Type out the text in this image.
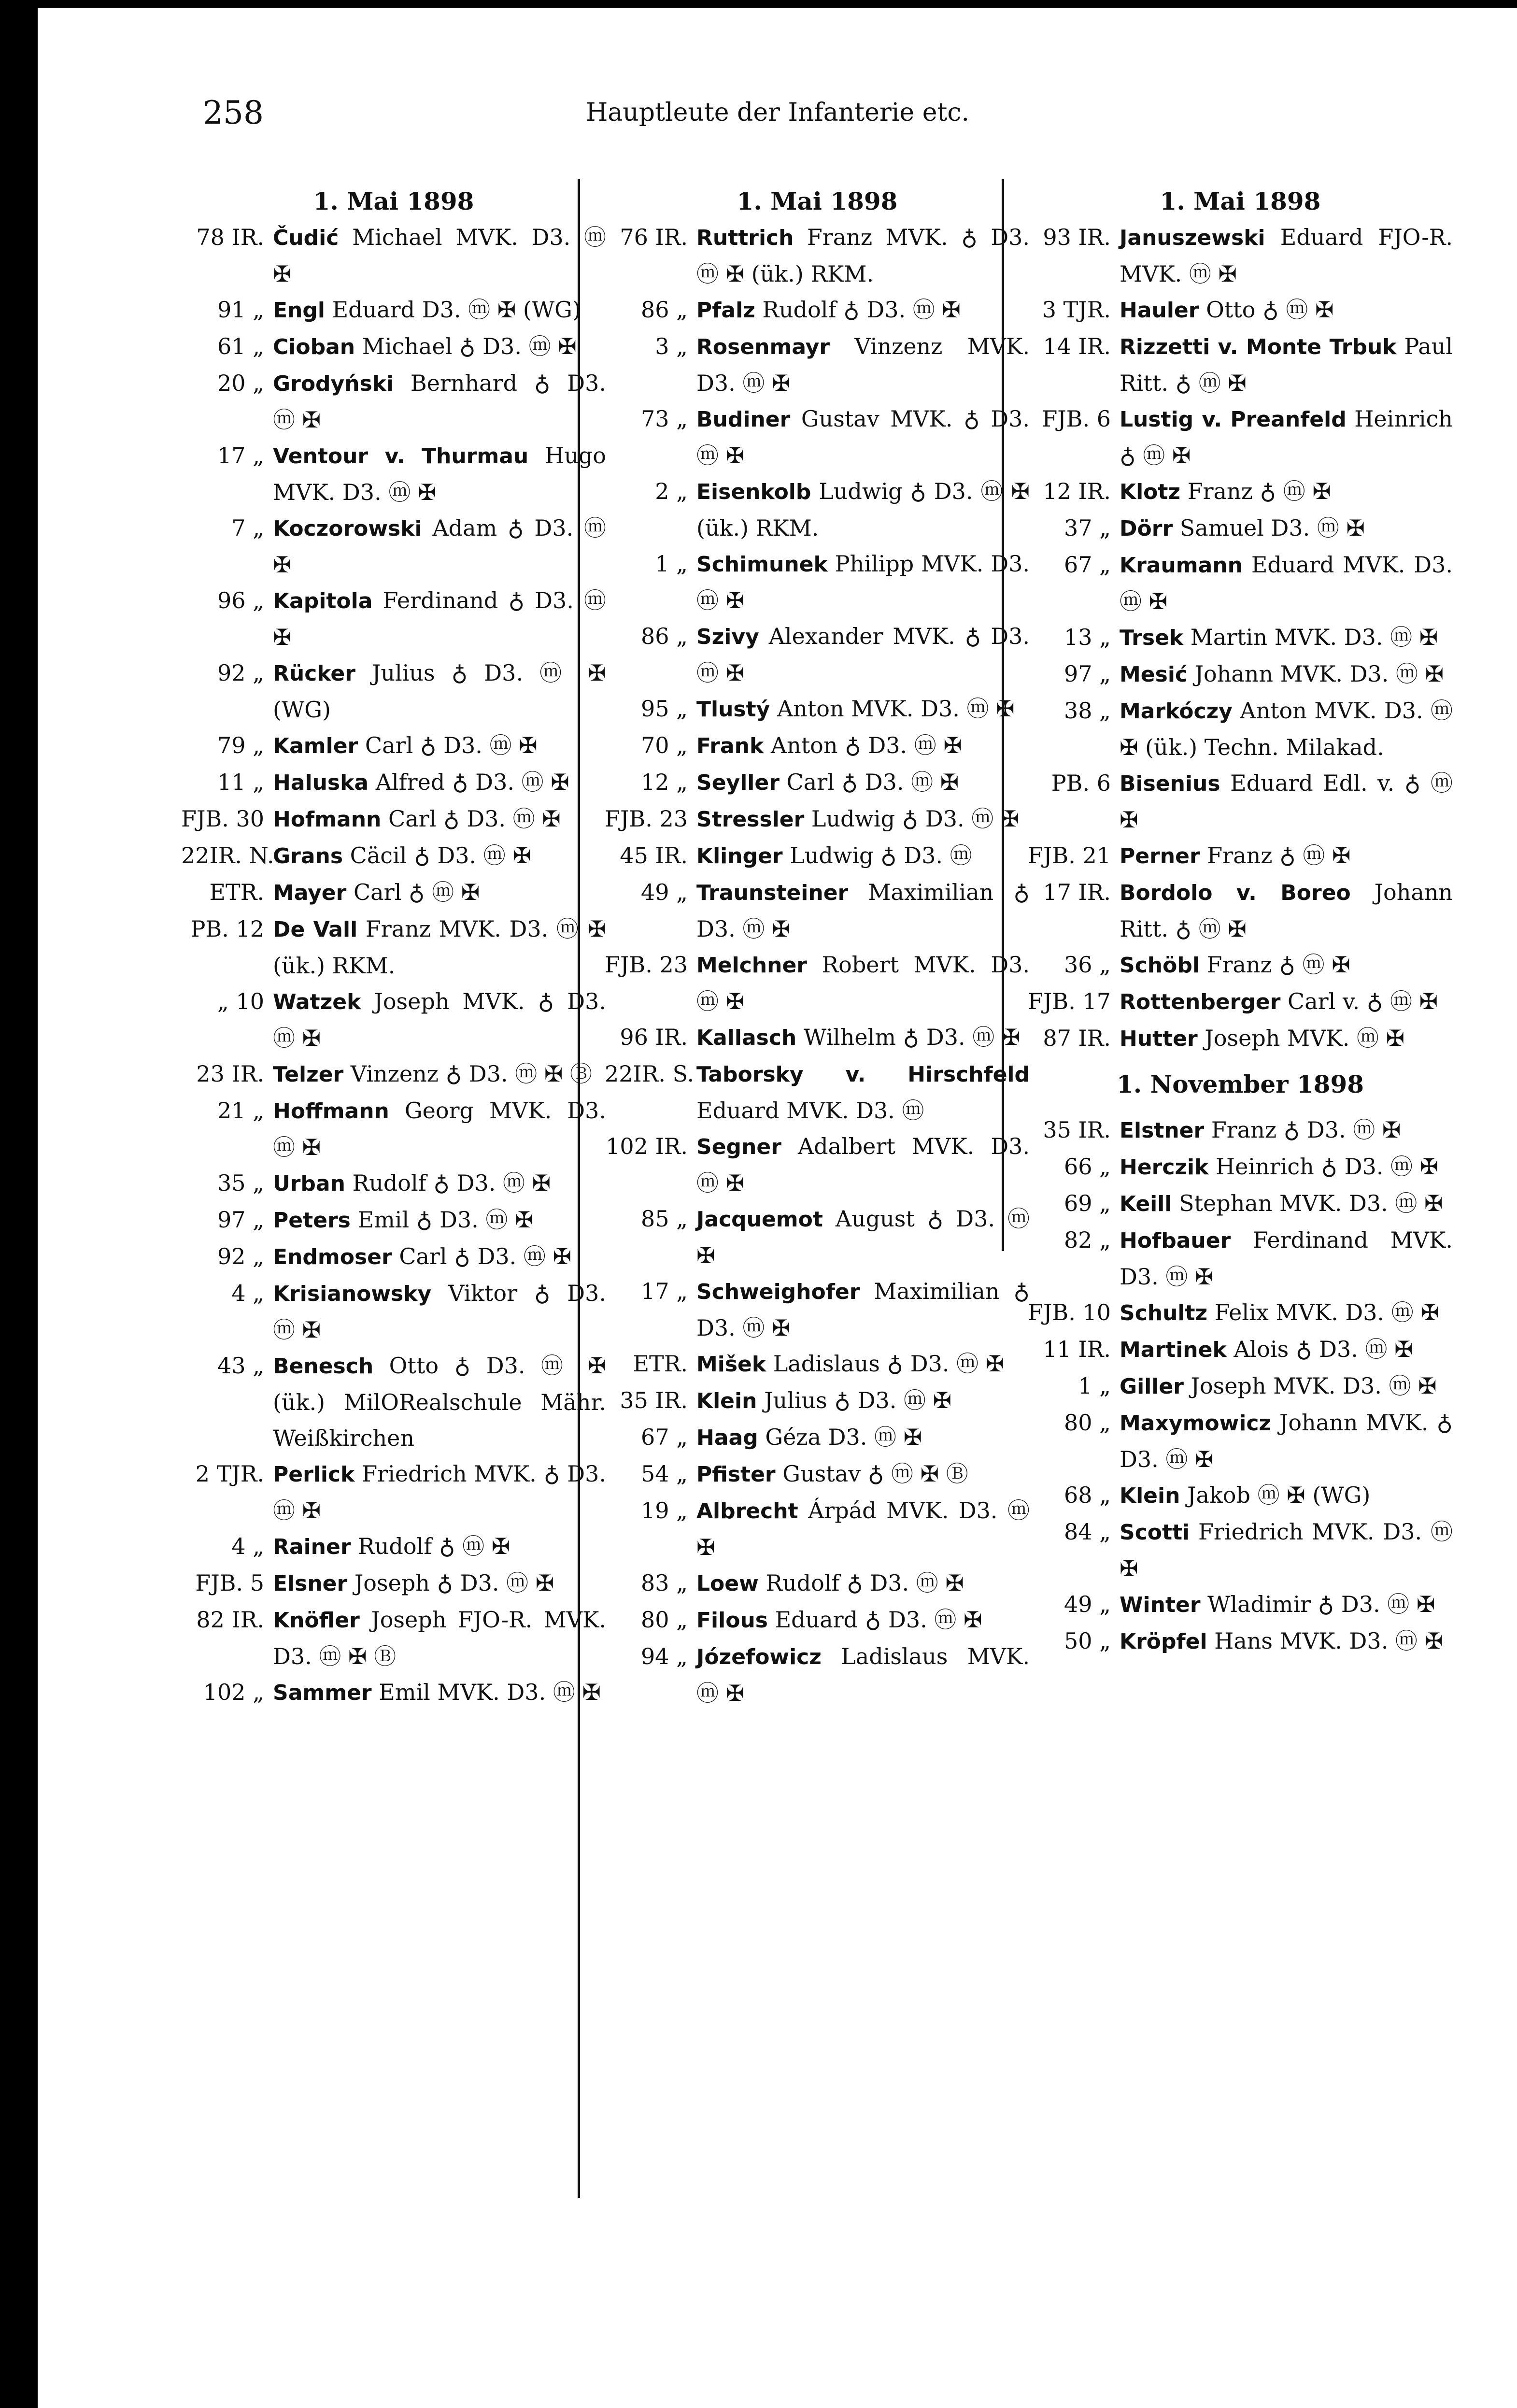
258	Hauptleute der Infanterie etc.
1. Mai 1898
78 IR. Čudić Michael MVK. D3. ⓜ ✠
91 „ Engl Eduard D3. ⓜ ✠ (WG)
61 „ Cioban Michael ♁ D3. ⓜ ✠
20 „ Grodyński Bernhard ♁ D3. ⓜ ✠
17 „ Ventour v. Thurmau Hugo MVK. D3. ⓜ ✠
7 „ Koczorowski Adam ♁ D3. ⓜ ✠
96 „ Kapitola Ferdinand ♁ D3. ⓜ ✠
92 „ Rücker Julius ♁ D3. ⓜ ✠ (WG)
79 „ Kamler Carl ♁ D3. ⓜ ✠
11 „ Haluska Alfred ♁ D3. ⓜ ✠
FJB. 30 Hofmann Carl ♁ D3. ⓜ ✠
22IR. N.
Grans Cäcil ♁ D3. ⓜ ✠
ETR. Mayer Carl ♁ ⓜ ✠
PB. 12 De Vall Franz MVK. D3. ⓜ ✠ (ük.) RKM.
„ 10 Watzek Joseph MVK. ♁ D3. ⓜ ✠
23 IR. Telzer Vinzenz ♁ D3. ⓜ ✠ Ⓑ
21 „ Hoffmann Georg MVK. D3. ⓜ ✠
35 „ Urban Rudolf ♁ D3. ⓜ ✠
97 „ Peters Emil ♁ D3. ⓜ ✠
92 „ Endmoser Carl ♁ D3. ⓜ ✠
4 „ Krisianowsky Viktor ♁ D3. ⓜ ✠
43 „ Benesch Otto ♁ D3. ⓜ ✠ (ük.) MilORealschule Mähr. Weißkirchen
2 TJR. Perlick Friedrich MVK. ♁ D3. ⓜ ✠
4 „ Rainer Rudolf ♁ ⓜ ✠
FJB. 5 Elsner Joseph ♁ D3. ⓜ ✠
82 IR. Knöfler Joseph FJO-R. MVK. D3. ⓜ ✠ Ⓑ
102 „ Sammer Emil MVK. D3. ⓜ ✠
1. Mai 1898
76 IR. Ruttrich Franz MVK. ♁ D3. ⓜ ✠ (ük.) RKM.
86 „ Pfalz Rudolf ♁ D3. ⓜ ✠
3 „ Rosenmayr Vinzenz MVK. D3. ⓜ ✠
73 „ Budiner Gustav MVK. ♁ D3. ⓜ ✠
2 „ Eisenkolb Ludwig ♁ D3. ⓜ ✠ (ük.) RKM.
1 „ Schimunek Philipp MVK. D3. ⓜ ✠
86 „ Szivy Alexander MVK. ♁ D3. ⓜ ✠
95 „ Tlustý Anton MVK. D3. ⓜ ✠
70 „ Frank Anton ♁ D3. ⓜ ✠
12 „ Seyller Carl ♁ D3. ⓜ ✠
FJB. 23 Stressler Ludwig ♁ D3. ⓜ ✠
45 IR. Klinger Ludwig ♁ D3. ⓜ
49 „ Traunsteiner Maximilian ♁ D3. ⓜ ✠
FJB. 23 Melchner Robert MVK. D3. ⓜ ✠
96 IR. Kallasch Wilhelm ♁ D3. ⓜ ✠
22IR. S. Taborsky v. Hirschfeld Eduard MVK. D3. ⓜ
102 IR. Segner Adalbert MVK. D3. ⓜ ✠
85 „ Jacquemot August ♁ D3. ⓜ ✠
17 „ Schweighofer Maximilian ♁ D3. ⓜ ✠
ETR. Mišek Ladislaus ♁ D3. ⓜ ✠
35 IR. Klein Julius ♁ D3. ⓜ ✠
67 „ Haag Géza D3. ⓜ ✠
54 „ Pfister Gustav ♁ ⓜ ✠ Ⓑ
19 „ Albrecht Árpád MVK. D3. ⓜ ✠
83 „ Loew Rudolf ♁ D3. ⓜ ✠
80 „ Filous Eduard ♁ D3. ⓜ ✠
94 „ Józefowicz Ladislaus MVK. ⓜ ✠
1. Mai 1898
93 IR. Januszewski Eduard FJO-R. MVK. ⓜ ✠
3 TJR. Hauler Otto ♁ ⓜ ✠
14 IR. Rizzetti v. Monte Trbuk Paul Ritt. ♁ ⓜ ✠
FJB. 6 Lustig v. Preanfeld Heinrich ♁ ⓜ ✠
12 IR. Klotz Franz ♁ ⓜ ✠
37 „ Dörr Samuel D3. ⓜ ✠
67 „ Kraumann Eduard MVK. D3. ⓜ ✠
13 „ Trsek Martin MVK. D3. ⓜ ✠
97 „ Mesić Johann MVK. D3. ⓜ ✠
38 „ Markóczy Anton MVK. D3. ⓜ ✠ (ük.) Techn. Milakad.
PB. 6 Bisenius Eduard Edl. v. ♁ ⓜ ✠
FJB. 21 Perner Franz ♁ ⓜ ✠
17 IR. Bordolo v. Boreo Johann Ritt. ♁ ⓜ ✠
36 „ Schöbl Franz ♁ ⓜ ✠
FJB. 17 Rottenberger Carl v. ♁ ⓜ ✠
87 IR. Hutter Joseph MVK. ⓜ ✠
1. November 1898
35 IR. Elstner Franz ♁ D3. ⓜ ✠
66 „ Herczik Heinrich ♁ D3. ⓜ ✠
69 „ Keill Stephan MVK. D3. ⓜ ✠
82 „ Hofbauer Ferdinand MVK. D3. ⓜ ✠
FJB. 10 Schultz Felix MVK. D3. ⓜ ✠
11 IR. Martinek Alois ♁ D3. ⓜ ✠
1 „ Giller Joseph MVK. D3. ⓜ ✠
80 „ Maxymowicz Johann MVK. ♁ D3. ⓜ ✠
68 „ Klein Jakob ⓜ ✠ (WG)
84 „ Scotti Friedrich MVK. D3. ⓜ ✠
49 „ Winter Wladimir ♁ D3. ⓜ ✠
50 „ Kröpfel Hans MVK. D3. ⓜ ✠
